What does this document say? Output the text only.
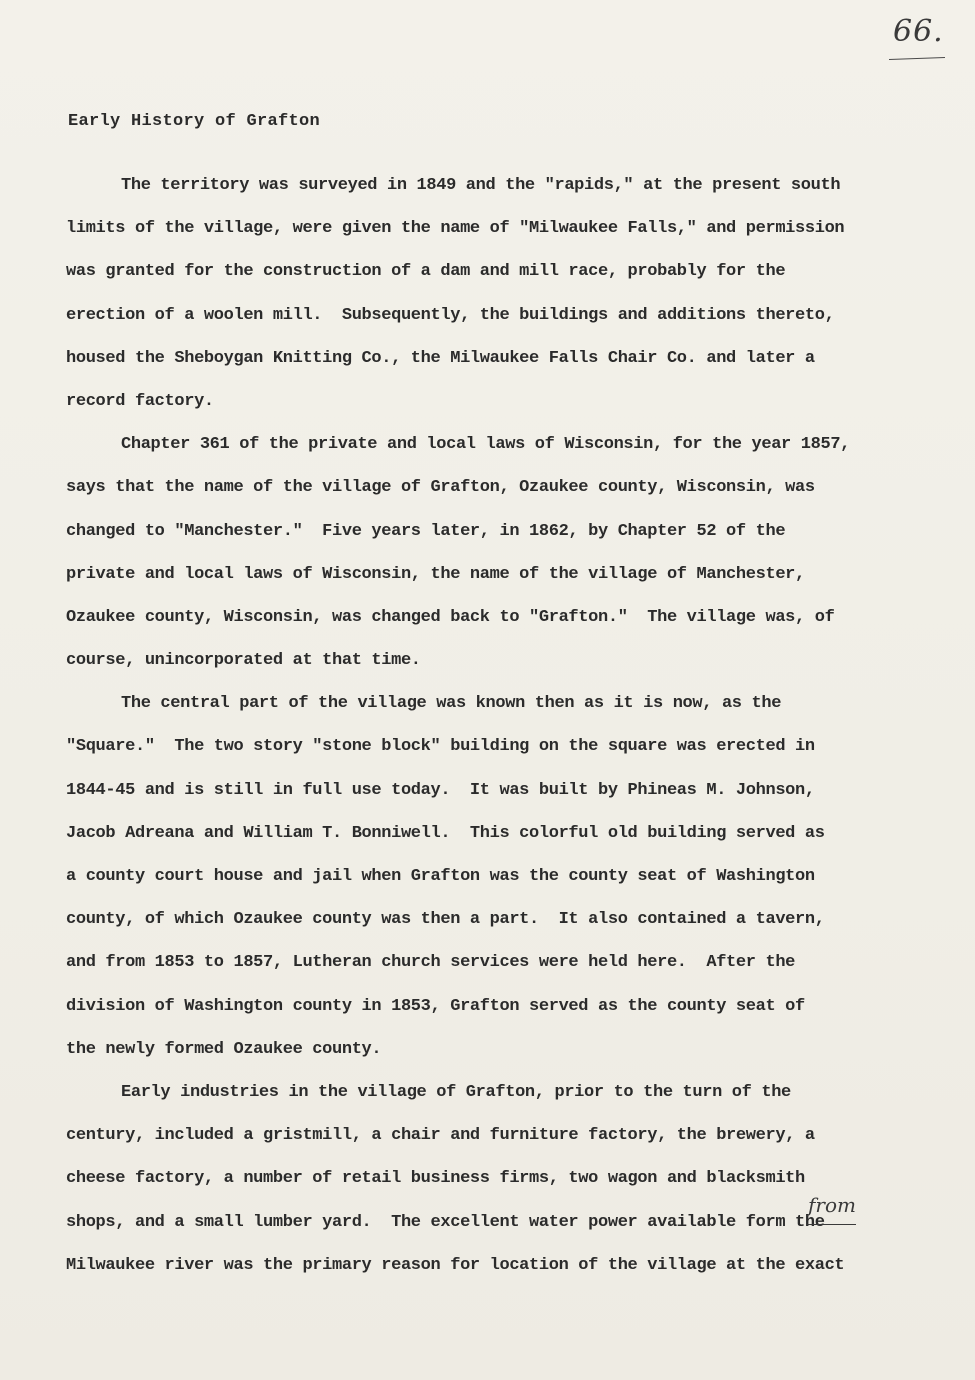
66.
Early History of Grafton
The territory was surveyed in 1849 and the "rapids," at the present south
limits of the village, were given the name of "Milwaukee Falls," and permission
was granted for the construction of a dam and mill race, probably for the
erection of a woolen mill.  Subsequently, the buildings and additions thereto,
housed the Sheboygan Knitting Co., the Milwaukee Falls Chair Co. and later a
record factory.
Chapter 361 of the private and local laws of Wisconsin, for the year 1857,
says that the name of the village of Grafton, Ozaukee county, Wisconsin, was
changed to "Manchester."  Five years later, in 1862, by Chapter 52 of the
private and local laws of Wisconsin, the name of the village of Manchester,
Ozaukee county, Wisconsin, was changed back to "Grafton."  The village was, of
course, unincorporated at that time.
The central part of the village was known then as it is now, as the
"Square."  The two story "stone block" building on the square was erected in
1844-45 and is still in full use today.  It was built by Phineas M. Johnson,
Jacob Adreana and William T. Bonniwell.  This colorful old building served as
a county court house and jail when Grafton was the county seat of Washington
county, of which Ozaukee county was then a part.  It also contained a tavern,
and from 1853 to 1857, Lutheran church services were held here.  After the
division of Washington county in 1853, Grafton served as the county seat of
the newly formed Ozaukee county.
Early industries in the village of Grafton, prior to the turn of the
century, included a gristmill, a chair and furniture factory, the brewery, a
cheese factory, a number of retail business firms, two wagon and blacksmith
shops, and a small lumber yard.  The excellent water power available form the
Milwaukee river was the primary reason for location of the village at the exact
from
